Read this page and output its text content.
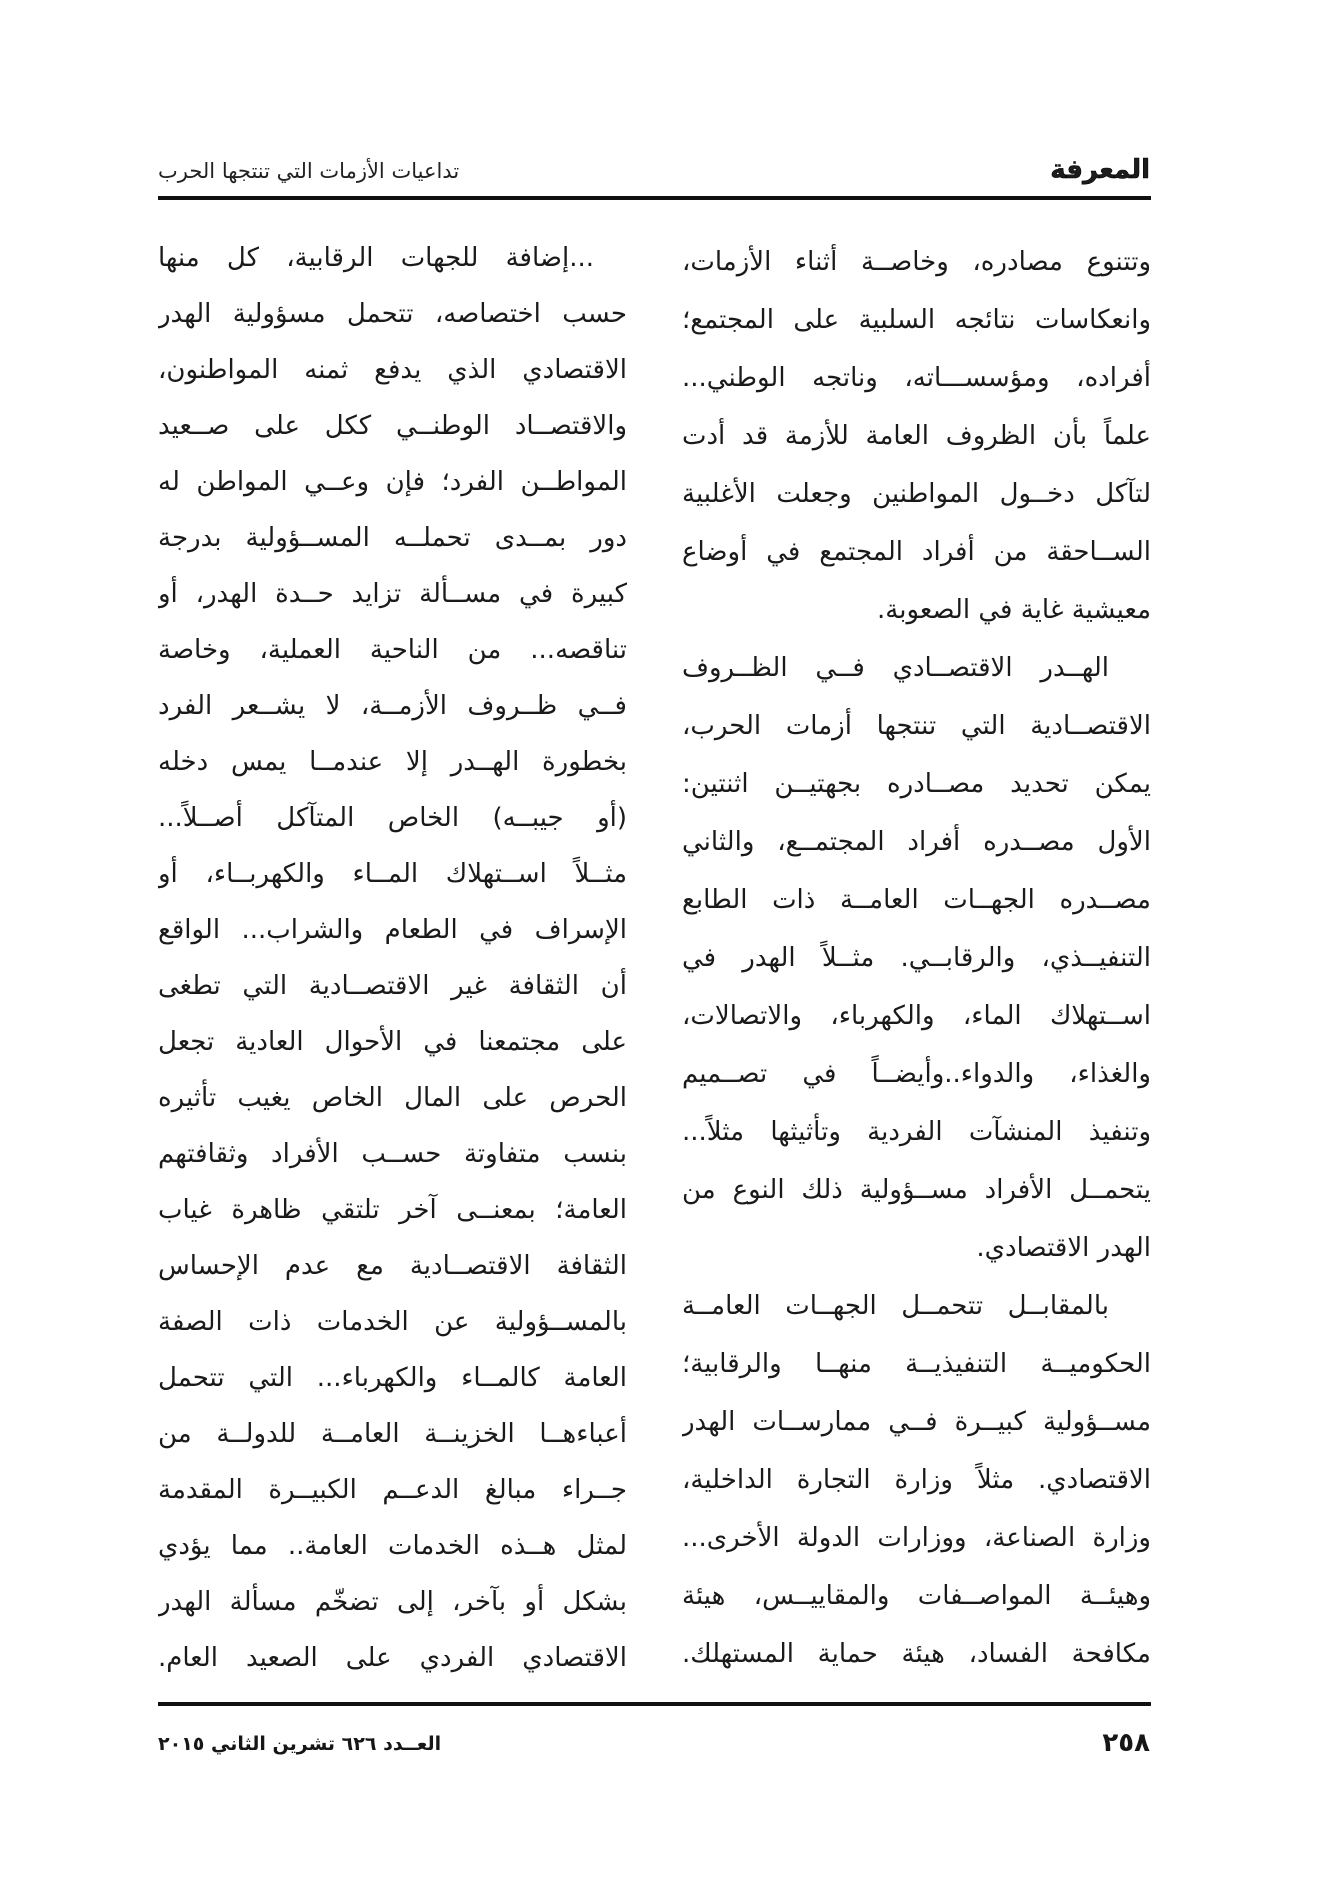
المعرفة
تداعيات الأزمات التي تنتجها الحرب
وتتنوع مصادره، وخاصــة أثناء الأزمات،
وانعكاسات نتائجه السلبية على المجتمع؛
أفراده، ومؤسســـاته، وناتجه الوطني...
علماً بأن الظروف العامة للأزمة قد أدت
لتآكل دخــول المواطنين وجعلت الأغلبية
الســاحقة من أفراد المجتمع في أوضاع
معيشية غاية في الصعوبة.
الهــدر الاقتصــادي فــي الظــروف
الاقتصــادية التي تنتجها أزمات الحرب،
يمكن تحديد مصــادره بجهتيــن اثنتين:
الأول مصــدره أفراد المجتمــع، والثاني
مصــدره الجهــات العامــة ذات الطابع
التنفيــذي، والرقابــي. مثــلاً الهدر في
اســتهلاك الماء، والكهرباء، والاتصالات،
والغذاء، والدواء..وأيضــاً في تصــميم
وتنفيذ المنشآت الفردية وتأثيثها مثلاً...
يتحمــل الأفراد مســؤولية ذلك النوع من
الهدر الاقتصادي.
بالمقابــل تتحمــل الجهــات العامــة
الحكوميــة التنفيذيــة منهــا والرقابية؛
مســؤولية كبيــرة فــي ممارســات الهدر
الاقتصادي. مثلاً وزارة التجارة الداخلية،
وزارة الصناعة، ووزارات الدولة الأخرى...
وهيئــة المواصــفات والمقاييــس، هيئة
مكافحة الفساد، هيئة حماية المستهلك.
...إضافة للجهات الرقابية، كل منها
حسب اختصاصه، تتحمل مسؤولية الهدر
الاقتصادي الذي يدفع ثمنه المواطنون،
والاقتصــاد الوطنــي ككل على صــعيد
المواطــن الفرد؛ فإن وعــي المواطن له
دور بمــدى تحملــه المســؤولية بدرجة
كبيرة في مســألة تزايد حــدة الهدر، أو
تناقصه... من الناحية العملية، وخاصة
فــي ظــروف الأزمــة، لا يشــعر الفرد
بخطورة الهــدر إلا عندمــا يمس دخله
(أو جيبــه) الخاص المتآكل أصــلاً...
مثــلاً اســتهلاك المــاء والكهربــاء، أو
الإسراف في الطعام والشراب... الواقع
أن الثقافة غير الاقتصــادية التي تطغى
على مجتمعنا في الأحوال العادية تجعل
الحرص على المال الخاص يغيب تأثيره
بنسب متفاوتة حســب الأفراد وثقافتهم
العامة؛ بمعنــى آخر تلتقي ظاهرة غياب
الثقافة الاقتصــادية مع عدم الإحساس
بالمســؤولية عن الخدمات ذات الصفة
العامة كالمــاء والكهرباء... التي تتحمل
أعباءهــا الخزينــة العامــة للدولــة من
جــراء مبالغ الدعــم الكبيــرة المقدمة
لمثل هــذه الخدمات العامة.. مما يؤدي
بشكل أو بآخر، إلى تضخّم مسألة الهدر
الاقتصادي الفردي على الصعيد العام.
٢٥٨
العــدد ٦٢٦ تشرين الثاني ٢٠١٥
